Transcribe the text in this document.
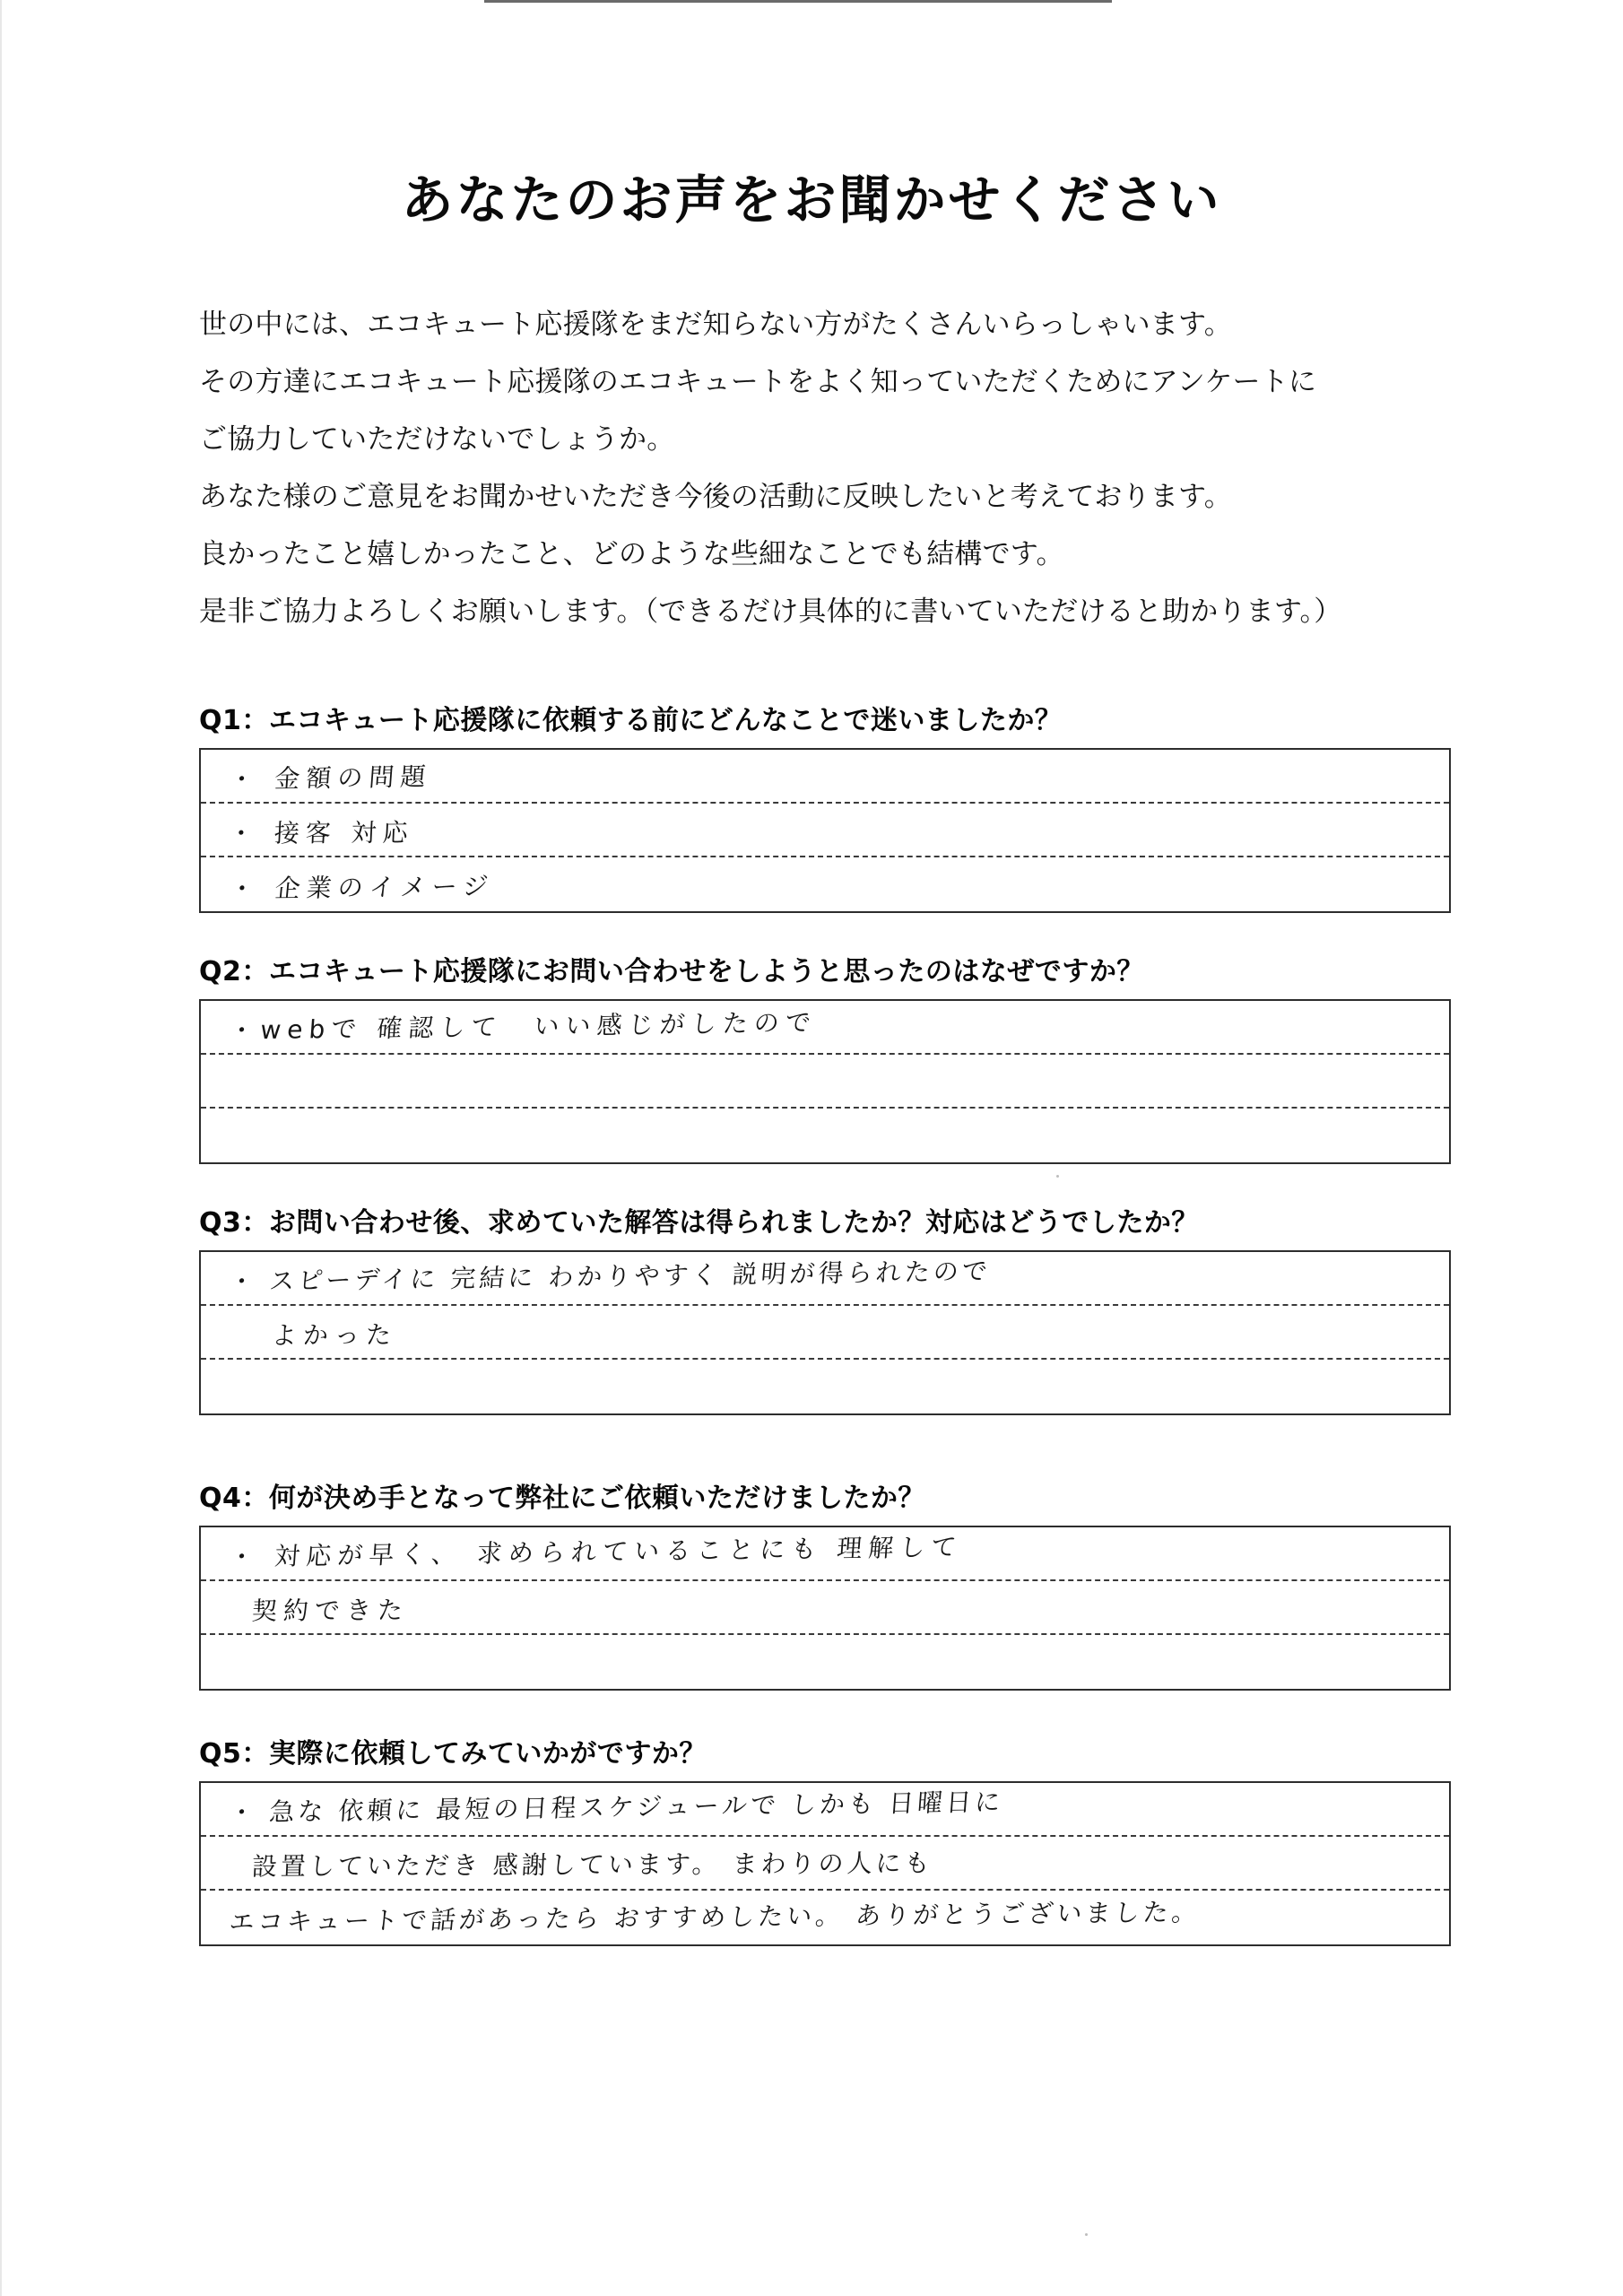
あなたのお声をお聞かせください
世の中には、エコキュート応援隊をまだ知らない方がたくさんいらっしゃいます。
その方達にエコキュート応援隊のエコキュートをよく知っていただくためにアンケートに
ご協力していただけないでしょうか。
あなた様のご意見をお聞かせいただき今後の活動に反映したいと考えております。
良かったこと嬉しかったこと、どのような些細なことでも結構です。
是非ご協力よろしくお願いします。（できるだけ具体的に書いていただけると助かります。）
Q1：エコキュート応援隊に依頼する前にどんなことで迷いましたか？
・ 金額の問題
・ 接客 対応
・ 企業のイメージ
Q2：エコキュート応援隊にお問い合わせをしようと思ったのはなぜですか？
・webで 確認して　いい感じがしたので
Q3：お問い合わせ後、求めていた解答は得られましたか？対応はどうでしたか？
・ スピーデイに 完結に わかりやすく 説明が得られたので
よかった
Q4：何が決め手となって弊社にご依頼いただけましたか？
・ 対応が早く、 求められていることにも 理解して
契約できた
Q5：実際に依頼してみていかがですか？
・ 急な 依頼に 最短の日程スケジュールで しかも 日曜日に
設置していただき 感謝しています。 まわりの人にも
エコキュートで話があったら おすすめしたい。 ありがとうございました。
